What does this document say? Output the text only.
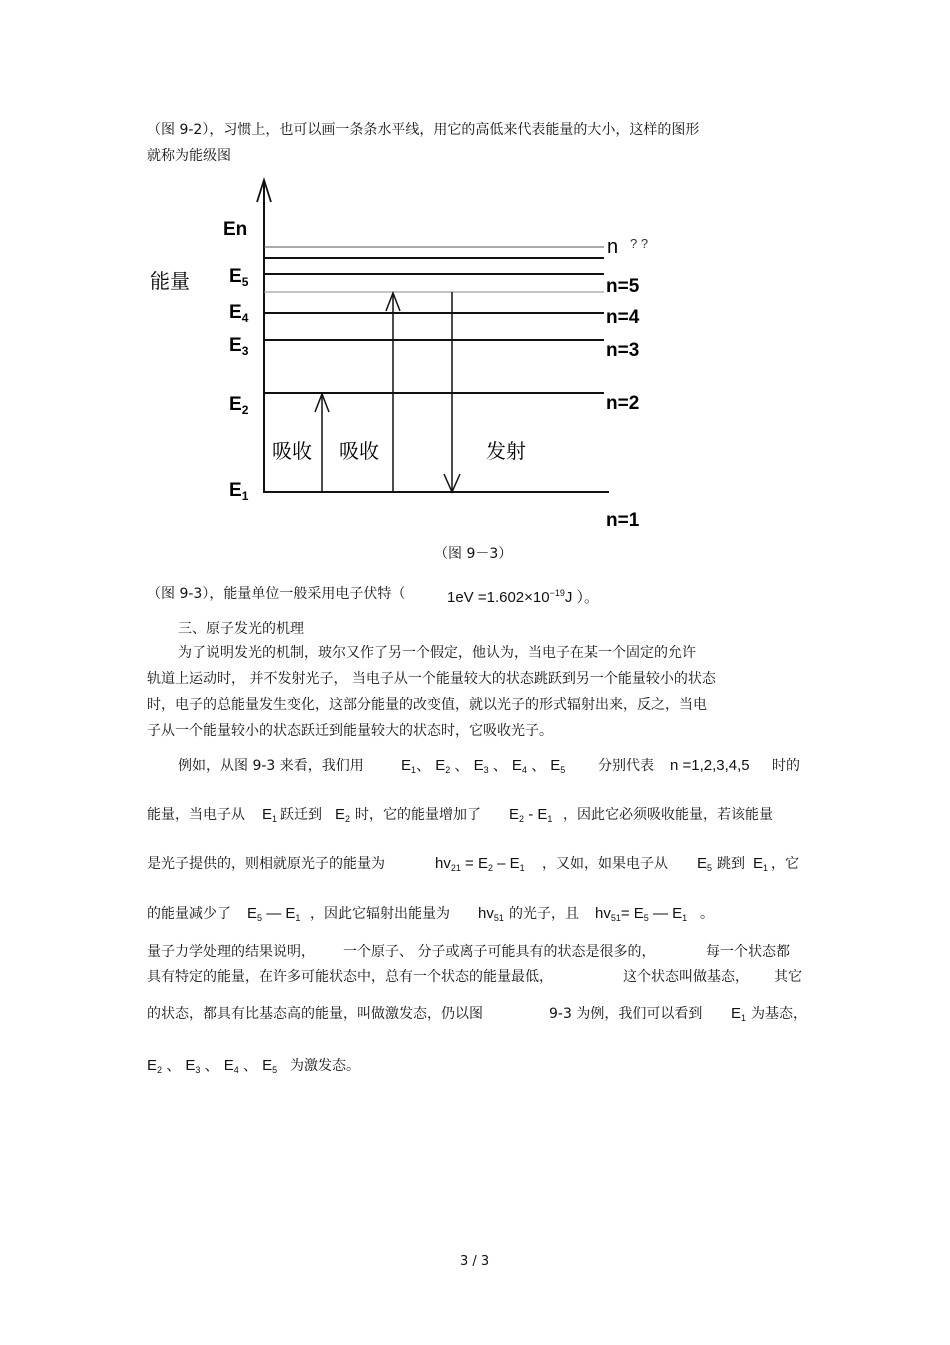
（图 9-2），习惯上，也可以画一条条水平线，用它的高低来代表能量的大小，这样的图形
就称为能级图
能量
En
$E_5$
$E_4$
$E_3$
$E_2$
$E_1$
n ? ?
n=5
n=4
n=3
n=2
n=1
吸收 吸收	发射
（图 9－3）
（图 9-3），能量单位一般采用电子伏特（	$1eV =1.602\times 10^{-19}J$ ）。
三、原子发光的机理
为了说明发光的机制，玻尔又作了另一个假定，他认为，当电子在某一个固定的允许
轨道上运动时， 并不发射光子， 当电子从一个能量较大的状态跳跃到另一个能量较小的状态
时，电子的总能量发生变化，这部分能量的改变值，就以光子的形式辐射出来，反之，当电
子从一个能量较小的状态跃迁到能量较大的状态时，它吸收光子。
例如，从图 9-3 来看，我们用 $E_1$、 $E_2$ 、 $E_3$ 、 $E_4$ 、 $E_5$ 分别代表 n =1,2,3,4,5 时的
能量，当电子从 $E_1$ 跃迁到 $E_2$ 时，它的能量增加了 $E_2 - E_1$ ，因此它必须吸收能量，若该能量
是光子提供的，则相就原光子的能量为	$hv_{21} = E_2 - E_1$ ，又如，如果电子从 $E_5$ 跳到 $E_1$ ，它
的能量减少了 $E_5$ — $E_1$ ，因此它辐射出能量为 $hv_{51}$ 的光子，且 $hv_{51}= E_5$ — $E_1$ 。
量子力学处理的结果说明， 一个原子、 分子或离子可能具有的状态是很多的，	每一个状态都
具有特定的能量，在许多可能状态中，总有一个状态的能量最低，	这个状态叫做基态， 其它
的状态，都具有比基态高的能量，叫做激发态，仍以图	9-3 为例，我们可以看到 $E_1$ 为基态，
$E_2$ 、 $E_3$ 、 $E_4$ 、 $E_5$ 为激发态。
3 / 3
